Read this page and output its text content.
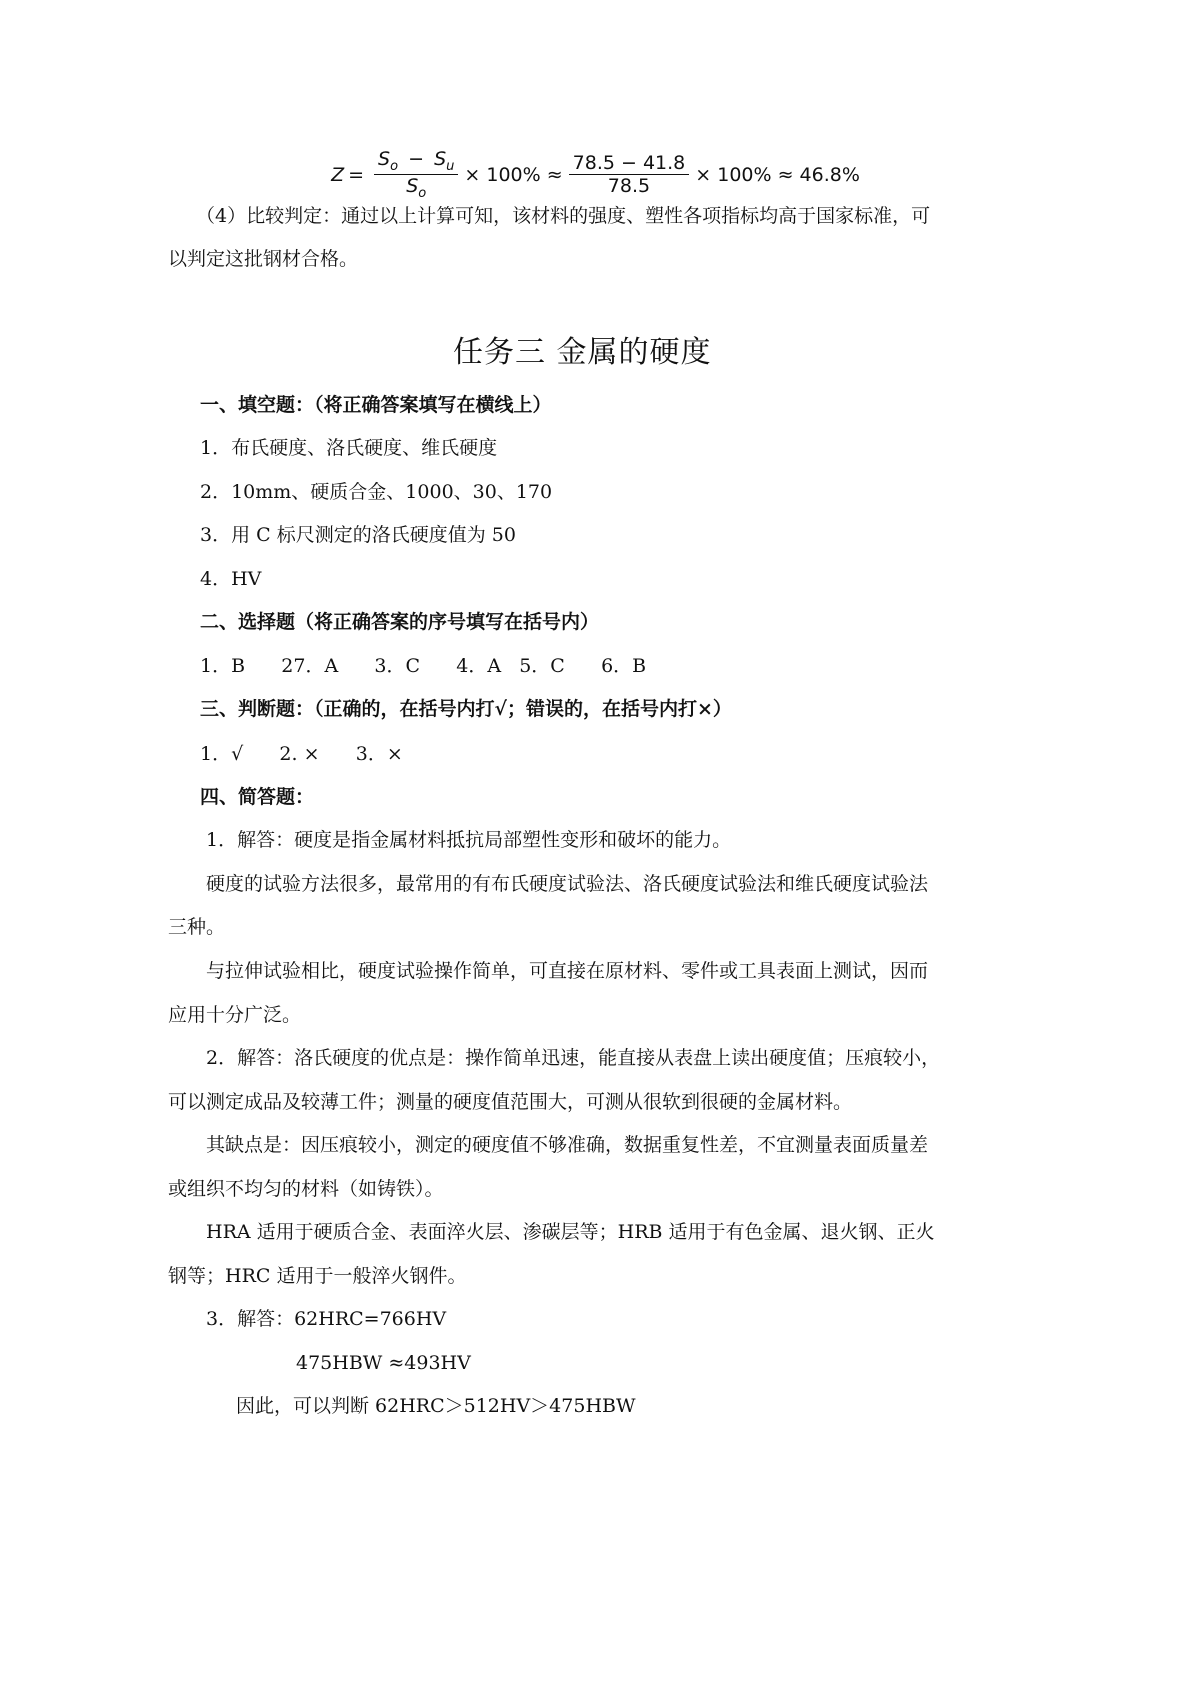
$Z = \frac{S_o - S_u}{S_o} \times 100\% \approx \frac{78.5 - 41.8}{78.5} \times 100\% \approx 46.8\%$
（4）比较判定：通过以上计算可知，该材料的强度、塑性各项指标均高于国家标准，可
以判定这批钢材合格。
任务三 金属的硬度
一、填空题：（将正确答案填写在横线上）
1．布氏硬度、洛氏硬度、维氏硬度
2．10mm、硬质合金、1000、30、170
3．用 C 标尺测定的洛氏硬度值为 50
4．HV
二、选择题（将正确答案的序号填写在括号内）
1．B      27．A      3．C      4．A   5．C      6．B
三、判断题：（正确的，在括号内打√；错误的，在括号内打×）
1．√      2. ×      3．×
四、简答题：
1．解答：硬度是指金属材料抵抗局部塑性变形和破坏的能力。
硬度的试验方法很多，最常用的有布氏硬度试验法、洛氏硬度试验法和维氏硬度试验法
三种。
与拉伸试验相比，硬度试验操作简单，可直接在原材料、零件或工具表面上测试，因而
应用十分广泛。
2．解答：洛氏硬度的优点是：操作简单迅速，能直接从表盘上读出硬度值；压痕较小，
可以测定成品及较薄工件；测量的硬度值范围大，可测从很软到很硬的金属材料。
其缺点是：因压痕较小，测定的硬度值不够准确，数据重复性差，不宜测量表面质量差
或组织不均匀的材料（如铸铁）。
HRA 适用于硬质合金、表面淬火层、渗碳层等；HRB 适用于有色金属、退火钢、正火
钢等；HRC 适用于一般淬火钢件。
3．解答：62HRC=766HV
475HBW ≈493HV
因此，可以判断 62HRC＞512HV＞475HBW
